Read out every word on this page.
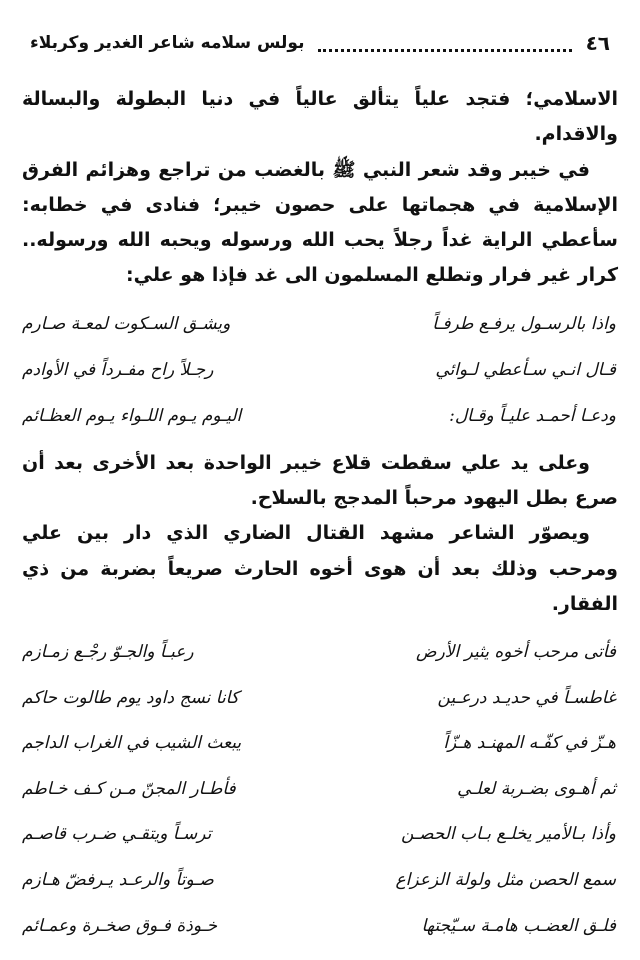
٤٦
بولس سلامه شاعر الغدير وكربلاء

الاسلامي؛ فتجد علياً يتألق عالياً في دنيا البطولة والبسالة والاقدام.

في خيبر وقد شعر النبي ﷺ بالغضب من تراجع وهزائم الفرق الإسلامية في هجماتها على حصون خيبر؛ فنادى في خطابه: سأعطي الراية غداً رجلاً يحب الله ورسوله ويحبه الله ورسوله.. كرار غير فرار وتطلع المسلمون الى غد فإذا هو علي:

واذا بالرسـول يرفـع طرفـاً
ويشـق السـكوت لمعـة صـارم
قـال انـي سـأعطي لـوائي
رجـلاً راح مفـرداً في الأوادم
ودعـا أحمـد عليـاً وقـال:
اليـوم يـوم اللـواء يـوم العظـائم

وعلى يد علي سقطت قلاع خيبر الواحدة بعد الأخرى بعد أن صرع بطل اليهود مرحباً المدجج بالسلاح.

ويصوّر الشاعر مشهد القتال الضاري الذي دار بين علي ومرحب وذلك بعد أن هوى أخوه الحارث صريعاً بضربة من ذي الفقار.

فأتى مرحب أخوه يثير الأرض
رعبـاً والجـوّ رجْـع زمـازم
غاطسـاً في حديـد درعـين
كانا نسج داود يوم طالوت حاكم
هـزّ في كفّـه المهنـد هـزّاً
يبعث الشيب في الغراب الداجم
ثم أهـوى بضـربة لعلـي
فأطـار المجنّ مـن كـف خـاطم
وأذا بـالأمير يخلـع بـاب الحصـن
ترسـاً ويتقـي ضـرب قاصـم
سمع الحصن مثل ولولة الزعزاع
صـوتاً والرعـد يـرفضّ هـازم
فلـق العضـب هامـة سـيّجتها
خـوذة فـوق صخـرة وعمـائم
